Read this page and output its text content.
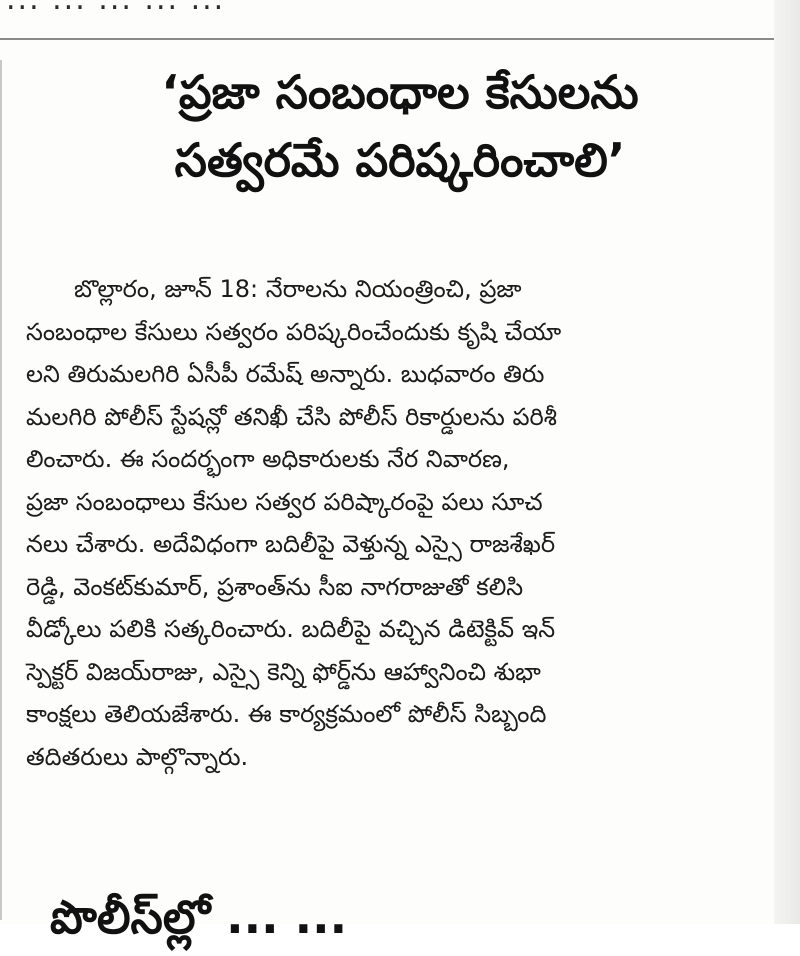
‘ప్రజా సంబంధాల కేసులను
సత్వరమే పరిష్కరించాలి’
బొల్లారం, జూన్ 18: నేరాలను నియంత్రించి, ప్రజా
సంబంధాల కేసులు సత్వరం పరిష్కరించేందుకు కృషి చేయా
లని తిరుమలగిరి ఏసీపీ రమేష్ అన్నారు. బుధవారం తిరు
మలగిరి పోలీస్ స్టేషన్లో తనిఖీ చేసి పోలీస్ రికార్డులను పరిశీ
లించారు. ఈ సందర్భంగా అధికారులకు నేర నివారణ,
ప్రజా సంబంధాలు కేసుల సత్వర పరిష్కారంపై పలు సూచ
నలు చేశారు. అదేవిధంగా బదిలీపై వెళ్తున్న ఎస్సై రాజశేఖర్
రెడ్డి, వెంకట్‌కుమార్, ప్రశాంత్‌ను సీఐ నాగరాజుతో కలిసి
వీడ్కోలు పలికి సత్కరించారు. బదిలీపై వచ్చిన డిటెక్టివ్ ఇన్
స్పెక్టర్ విజయ్‌రాజు, ఎస్సై కెన్ని ఫోర్డ్‌ను ఆహ్వానించి శుభా
కాంక్షలు తెలియజేశారు. ఈ కార్యక్రమంలో పోలీస్ సిబ్బంది
తదితరులు పాల్గొన్నారు.
పొలీస్‌ల్లో ... ...
